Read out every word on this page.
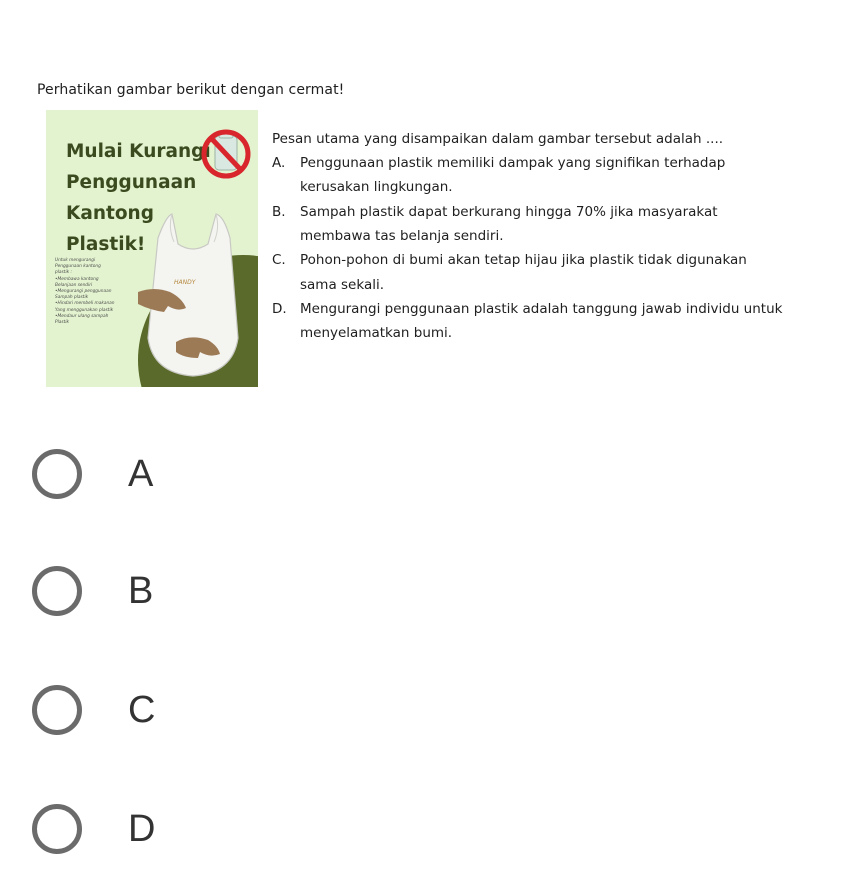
Perhatikan gambar berikut dengan cermat!
Mulai Kurangi
Penggunaan
Kantong
Plastik!
HANDY
Untuk mengurangi
Penggunaan kantong
plastik :
•Membawa kantong
Belanjaan sendiri
•Mengurangi penggunaan
Sampah plastik
•Hindari membeli makanan
Yang menggunakan plastik
•Mendaur ulang sampah
Plastik
Pesan utama yang disampaikan dalam gambar tersebut adalah ....
A. Penggunaan plastik memiliki dampak yang signifikan terhadap
kerusakan lingkungan.
B. Sampah plastik dapat berkurang hingga 70% jika masyarakat
membawa tas belanja sendiri.
C. Pohon-pohon di bumi akan tetap hijau jika plastik tidak digunakan
sama sekali.
D. Mengurangi penggunaan plastik adalah tanggung jawab individu untuk
menyelamatkan bumi.
A
B
C
D
